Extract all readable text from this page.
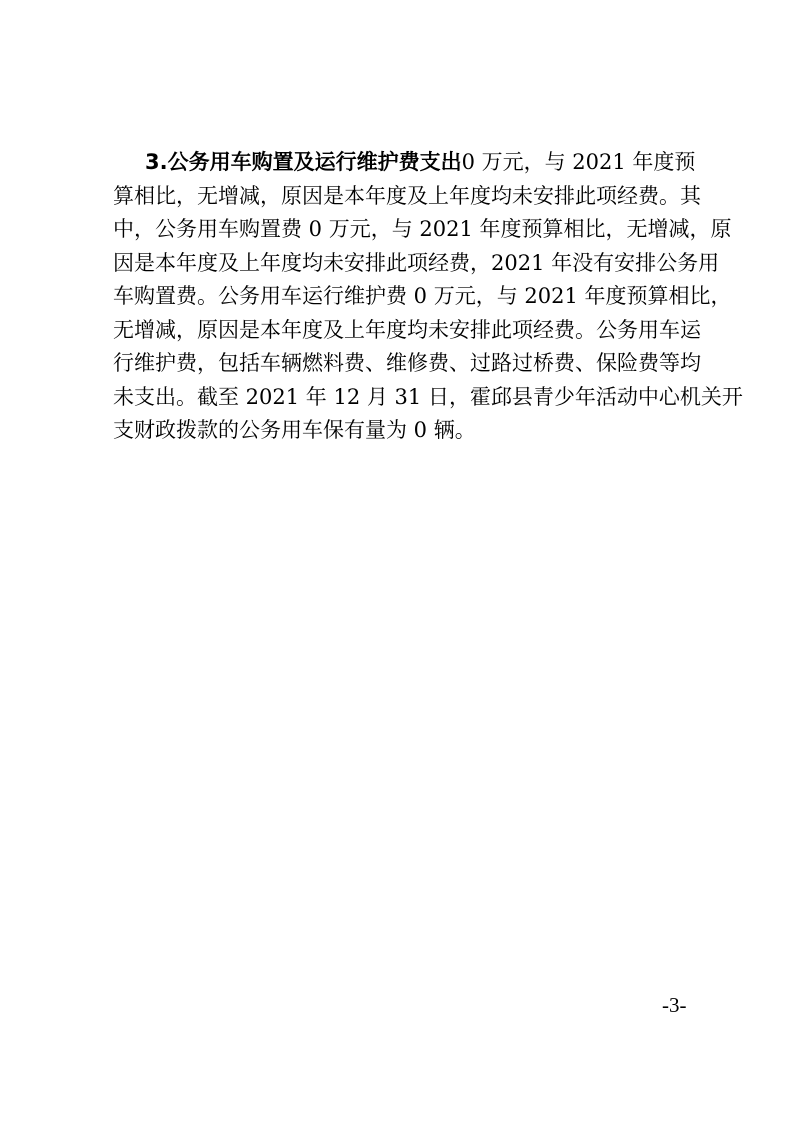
3.公务用车购置及运行维护费支出0 万元，与 2021 年度预
算相比，无增减，原因是本年度及上年度均未安排此项经费。其
中，公务用车购置费 0 万元，与 2021 年度预算相比，无增减，原
因是本年度及上年度均未安排此项经费，2021 年没有安排公务用
车购置费。公务用车运行维护费 0 万元，与 2021 年度预算相比，
无增减，原因是本年度及上年度均未安排此项经费。公务用车运
行维护费，包括车辆燃料费、维修费、过路过桥费、保险费等均
未支出。截至 2021 年 12 月 31 日，霍邱县青少年活动中心机关开
支财政拨款的公务用车保有量为 0 辆。

-3-
